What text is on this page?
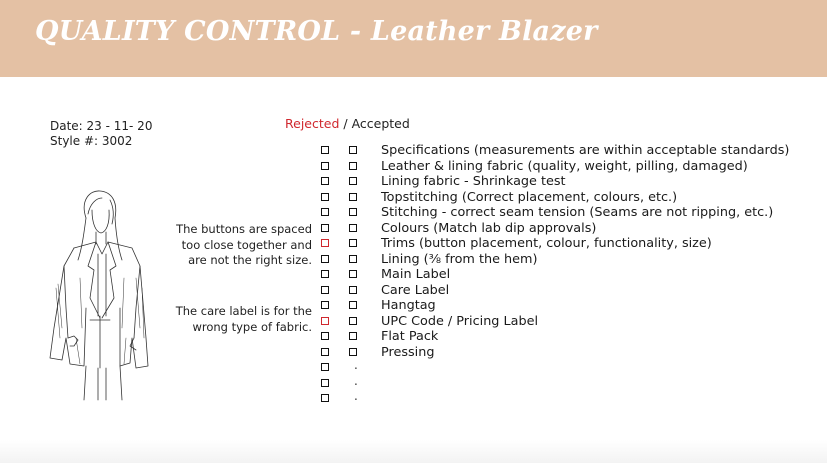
QUALITY CONTROL - Leather Blazer
Date: 23 - 11- 20
Style #: 3002
Rejected / Accepted
The buttons are spaced too close together and are not the right size.
The care label is for the wrong type of fabric.
Specifications (measurements are within acceptable standards)
Leather & lining fabric (quality, weight, pilling, damaged)
Lining fabric - Shrinkage test
Topstitching (Correct placement, colours, etc.)
Stitching - correct seam tension (Seams are not ripping, etc.)
Colours (Match lab dip approvals)
Trims (button placement, colour, functionality, size)
Lining (⅜ from the hem)
Main Label
Care Label
Hangtag
UPC Code / Pricing Label
Flat Pack
Pressing
.
.
.
